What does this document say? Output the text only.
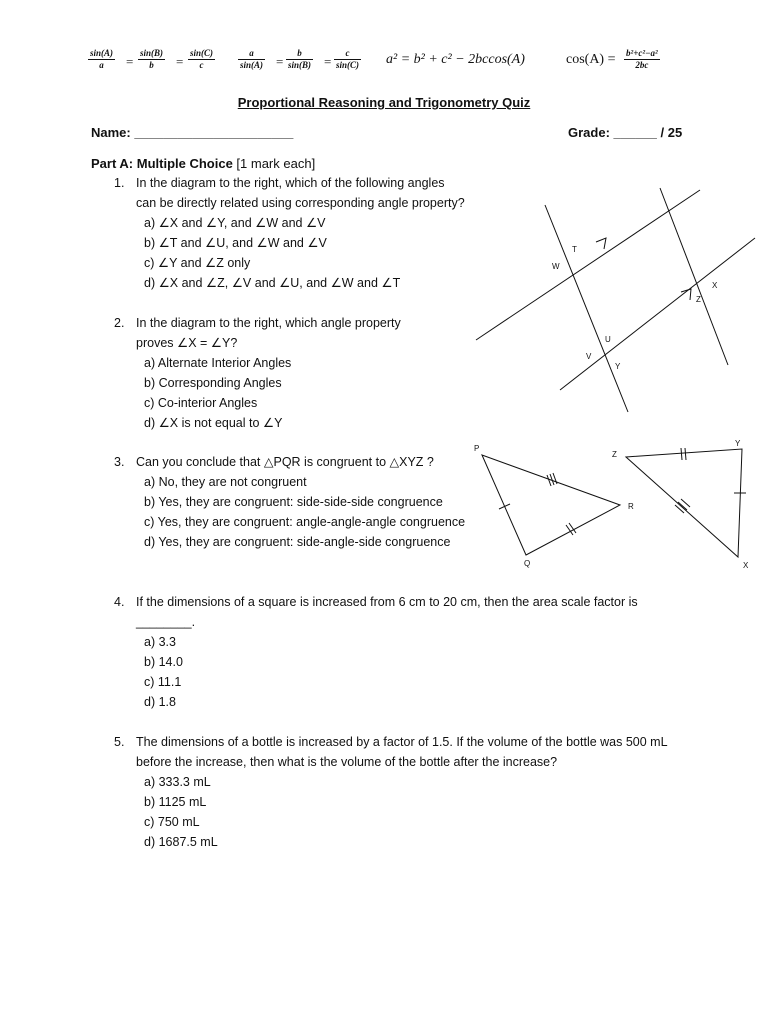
$\frac{\sin(A)}{a} = \frac{\sin(B)}{b} = \frac{\sin(C)}{c}$	$\frac{a}{\sin(A)} = \frac{b}{\sin(B)} = \frac{c}{\sin(C)} a^2 = b^2 + c^2 - 2bccos(A)$	$\cos(A) = \frac{\text{b²+c²−a²}}{2bc}$
Proportional Reasoning and Trigonometry Quiz
Name: ______________________	Grade: ______ / 25
Part A: Multiple Choice [1 mark each]
1. In the diagram to the right, which of the following angles
can be directly related using corresponding angle property?
a) ∠X and ∠Y, and ∠W and ∠V
b) ∠T and ∠U, and ∠W and ∠V
c) ∠Y and ∠Z only
d) ∠X and ∠Z, ∠V and ∠U, and ∠W and ∠T
2. In the diagram to the right, which angle property
proves ∠X = ∠Y?
a) Alternate Interior Angles
b) Corresponding Angles
c) Co-interior Angles
d) ∠X is not equal to ∠Y
3. Can you conclude that △PQR is congruent to △XYZ ?
a) No, they are not congruent
b) Yes, they are congruent: side-side-side congruence
c) Yes, they are congruent: angle-angle-angle congruence
d) Yes, they are congruent: side-angle-side congruence
4. If the dimensions of a square is increased from 6 cm to 20 cm, then the area scale factor is
________.
a) 3.3
b) 14.0
c) 11.1
d) 1.8
5. The dimensions of a bottle is increased by a factor of 1.5. If the volume of the bottle was 500 mL
before the increase, then what is the volume of the bottle after the increase?
a) 333.3 mL
b) 1125 mL
c) 750 mL
d) 1687.5 mL
T
W
X
Z
U
V
Y
P
Q
R
Z
Y
X
